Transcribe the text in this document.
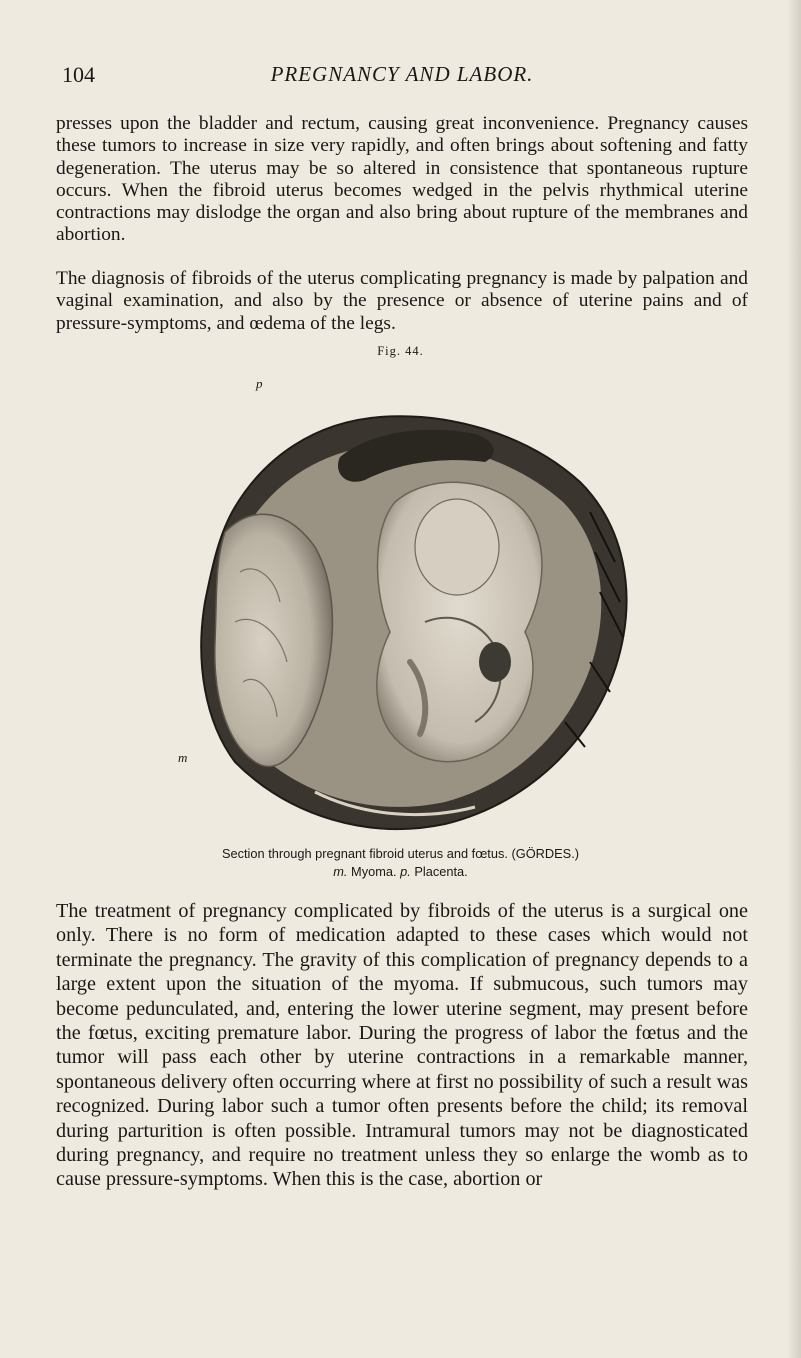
104	PREGNANCY AND LABOR.
presses upon the bladder and rectum, causing great inconvenience. Pregnancy causes these tumors to increase in size very rapidly, and often brings about softening and fatty degeneration. The uterus may be so altered in consistence that spontaneous rupture occurs. When the fibroid uterus becomes wedged in the pelvis rhythmical uterine contractions may dislodge the organ and also bring about rupture of the membranes and abortion.
The diagnosis of fibroids of the uterus complicating pregnancy is made by palpation and vaginal examination, and also by the presence or absence of uterine pains and of pressure-symptoms, and œdema of the legs.
Fig. 44.
p
m
Section through pregnant fibroid uterus and fœtus. (GÖRDES.)
m. Myoma. p. Placenta.
The treatment of pregnancy complicated by fibroids of the uterus is a surgical one only. There is no form of medication adapted to these cases which would not terminate the pregnancy. The gravity of this complication of pregnancy depends to a large extent upon the situation of the myoma. If submucous, such tumors may become pedunculated, and, entering the lower uterine segment, may present before the fœtus, exciting premature labor. During the progress of labor the fœtus and the tumor will pass each other by uterine contractions in a remarkable manner, spontaneous delivery often occurring where at first no possibility of such a result was recognized. During labor such a tumor often presents before the child; its removal during parturition is often possible. Intramural tumors may not be diagnosticated during pregnancy, and require no treatment unless they so enlarge the womb as to cause pressure-symptoms. When this is the case, abortion or
